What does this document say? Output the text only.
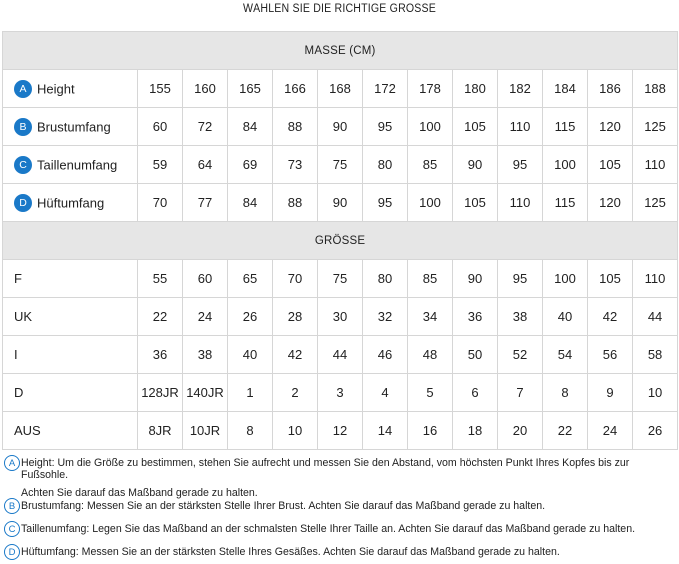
WÄHLEN SIE DIE RICHTIGE GRÖSSE
MASSE (CM)												
A Height	155	160	165	166	168	172	178	180	182	184	186	188
B Brustumfang	60	72	84	88	90	95	100	105	110	115	120	125
C Taillenumfang	59	64	69	73	75	80	85	90	95	100	105	110
D Hüftumfang	70	77	84	88	90	95	100	105	110	115	120	125
GRÖSSE												
F	55	60	65	70	75	80	85	90	95	100	105	110
UK	22	24	26	28	30	32	34	36	38	40	42	44
I	36	38	40	42	44	46	48	50	52	54	56	58
D	128JR	140JR	1	2	3	4	5	6	7	8	9	10
AUS	8JR	10JR	8	10	12	14	16	18	20	22	24	26
A Height: Um die Größe zu bestimmen, stehen Sie aufrecht und messen Sie den Abstand, vom höchsten Punkt Ihres Kopfes bis zur Fußsohle.
Achten Sie darauf das Maßband gerade zu halten.
B Brustumfang: Messen Sie an der stärksten Stelle Ihrer Brust. Achten Sie darauf das Maßband gerade zu halten.
C Taillenumfang: Legen Sie das Maßband an der schmalsten Stelle Ihrer Taille an. Achten Sie darauf das Maßband gerade zu halten.
D Hüftumfang: Messen Sie an der stärksten Stelle Ihres Gesäßes. Achten Sie darauf das Maßband gerade zu halten.
